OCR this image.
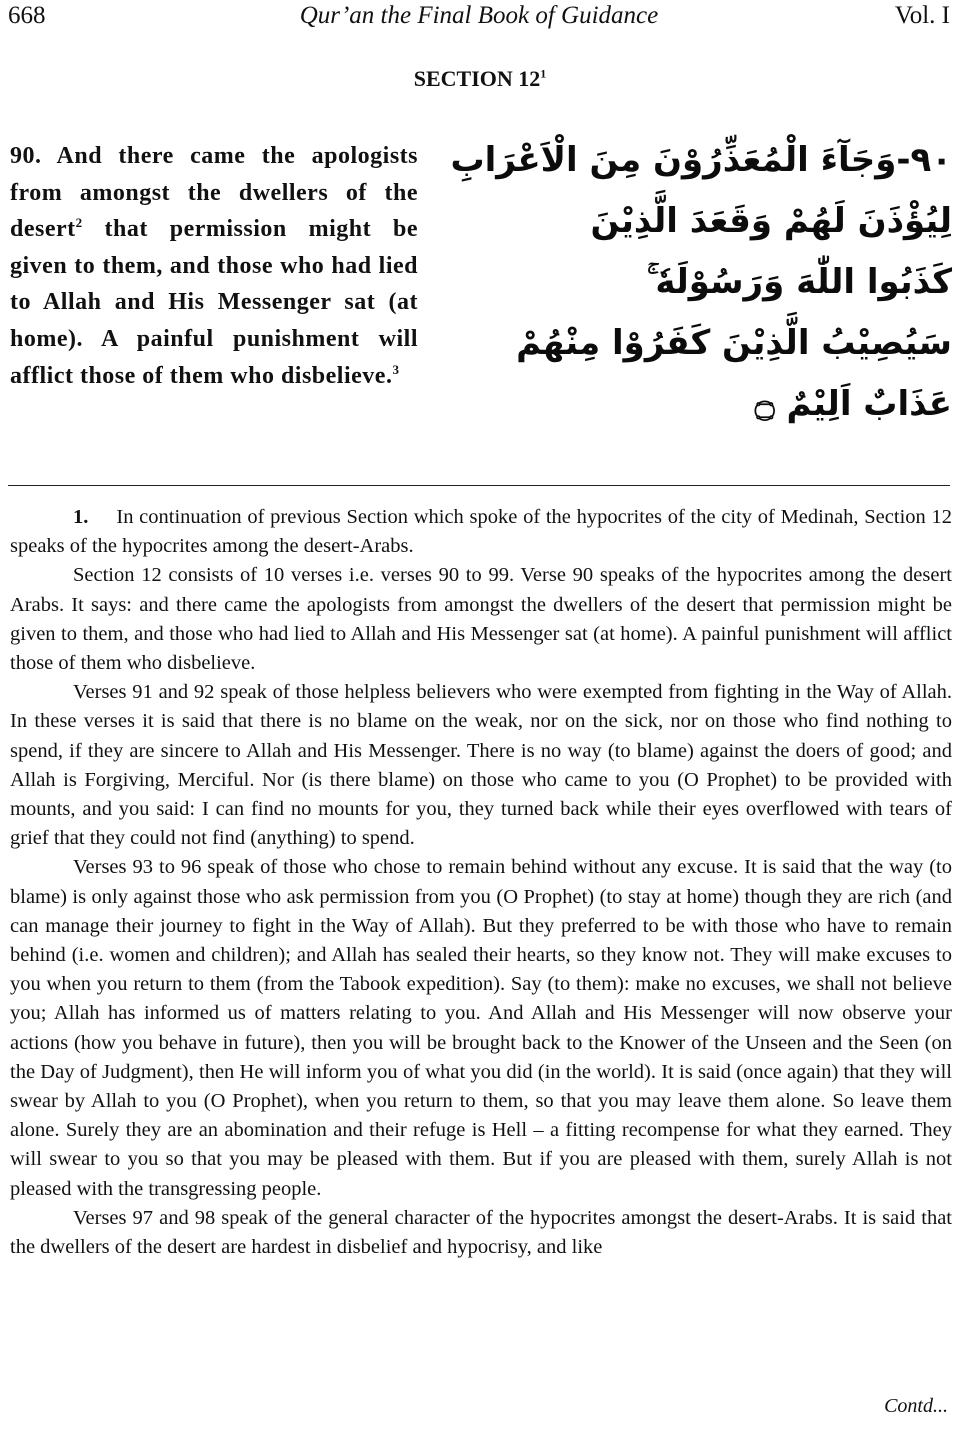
668	Qur’an the Final Book of Guidance	Vol. I
SECTION $12^1$
90. And there came the apologists from amongst the dwellers of the desert$^2$ that permission might be given to them, and those who had lied to Allah and His Messenger sat (at home). A painful punishment will afflict those of them who disbelieve.$^3$
٩٠-وَجَآءَ الْمُعَذِّرُوْنَ مِنَ الْاَعْرَابِ
لِيُؤْذَنَ لَهُمْ وَقَعَدَ الَّذِيْنَ
كَذَبُوا اللّٰهَ وَرَسُوْلَهٗ ۚ
سَيُصِيْبُ الَّذِيْنَ كَفَرُوْا مِنْهُمْ
عَذَابٌ اَلِيْمٌ ۝

1. In continuation of previous Section which spoke of the hypocrites of the city of Medinah, Section 12 speaks of the hypocrites among the desert-Arabs.

Section 12 consists of 10 verses i.e. verses 90 to 99. Verse 90 speaks of the hypocrites among the desert Arabs. It says: and there came the apologists from amongst the dwellers of the desert that permission might be given to them, and those who had lied to Allah and His Messenger sat (at home). A painful punishment will afflict those of them who disbelieve.

Verses 91 and 92 speak of those helpless believers who were exempted from fighting in the Way of Allah. In these verses it is said that there is no blame on the weak, nor on the sick, nor on those who find nothing to spend, if they are sincere to Allah and His Messenger. There is no way (to blame) against the doers of good; and Allah is Forgiving, Merciful. Nor (is there blame) on those who came to you (O Prophet) to be provided with mounts, and you said: I can find no mounts for you, they turned back while their eyes overflowed with tears of grief that they could not find (anything) to spend.

Verses 93 to 96 speak of those who chose to remain behind without any excuse. It is said that the way (to blame) is only against those who ask permission from you (O Prophet) (to stay at home) though they are rich (and can manage their journey to fight in the Way of Allah). But they preferred to be with those who have to remain behind (i.e. women and children); and Allah has sealed their hearts, so they know not. They will make excuses to you when you return to them (from the Tabook expedition). Say (to them): make no excuses, we shall not believe you; Allah has informed us of matters relating to you. And Allah and His Messenger will now observe your actions (how you behave in future), then you will be brought back to the Knower of the Unseen and the Seen (on the Day of Judgment), then He will inform you of what you did (in the world). It is said (once again) that they will swear by Allah to you (O Prophet), when you return to them, so that you may leave them alone. So leave them alone. Surely they are an abomination and their refuge is Hell – a fitting recompense for what they earned. They will swear to you so that you may be pleased with them. But if you are pleased with them, surely Allah is not pleased with the transgressing people.

Verses 97 and 98 speak of the general character of the hypocrites amongst the desert-Arabs. It is said that the dwellers of the desert are hardest in disbelief and hypocrisy, and like

Contd...
